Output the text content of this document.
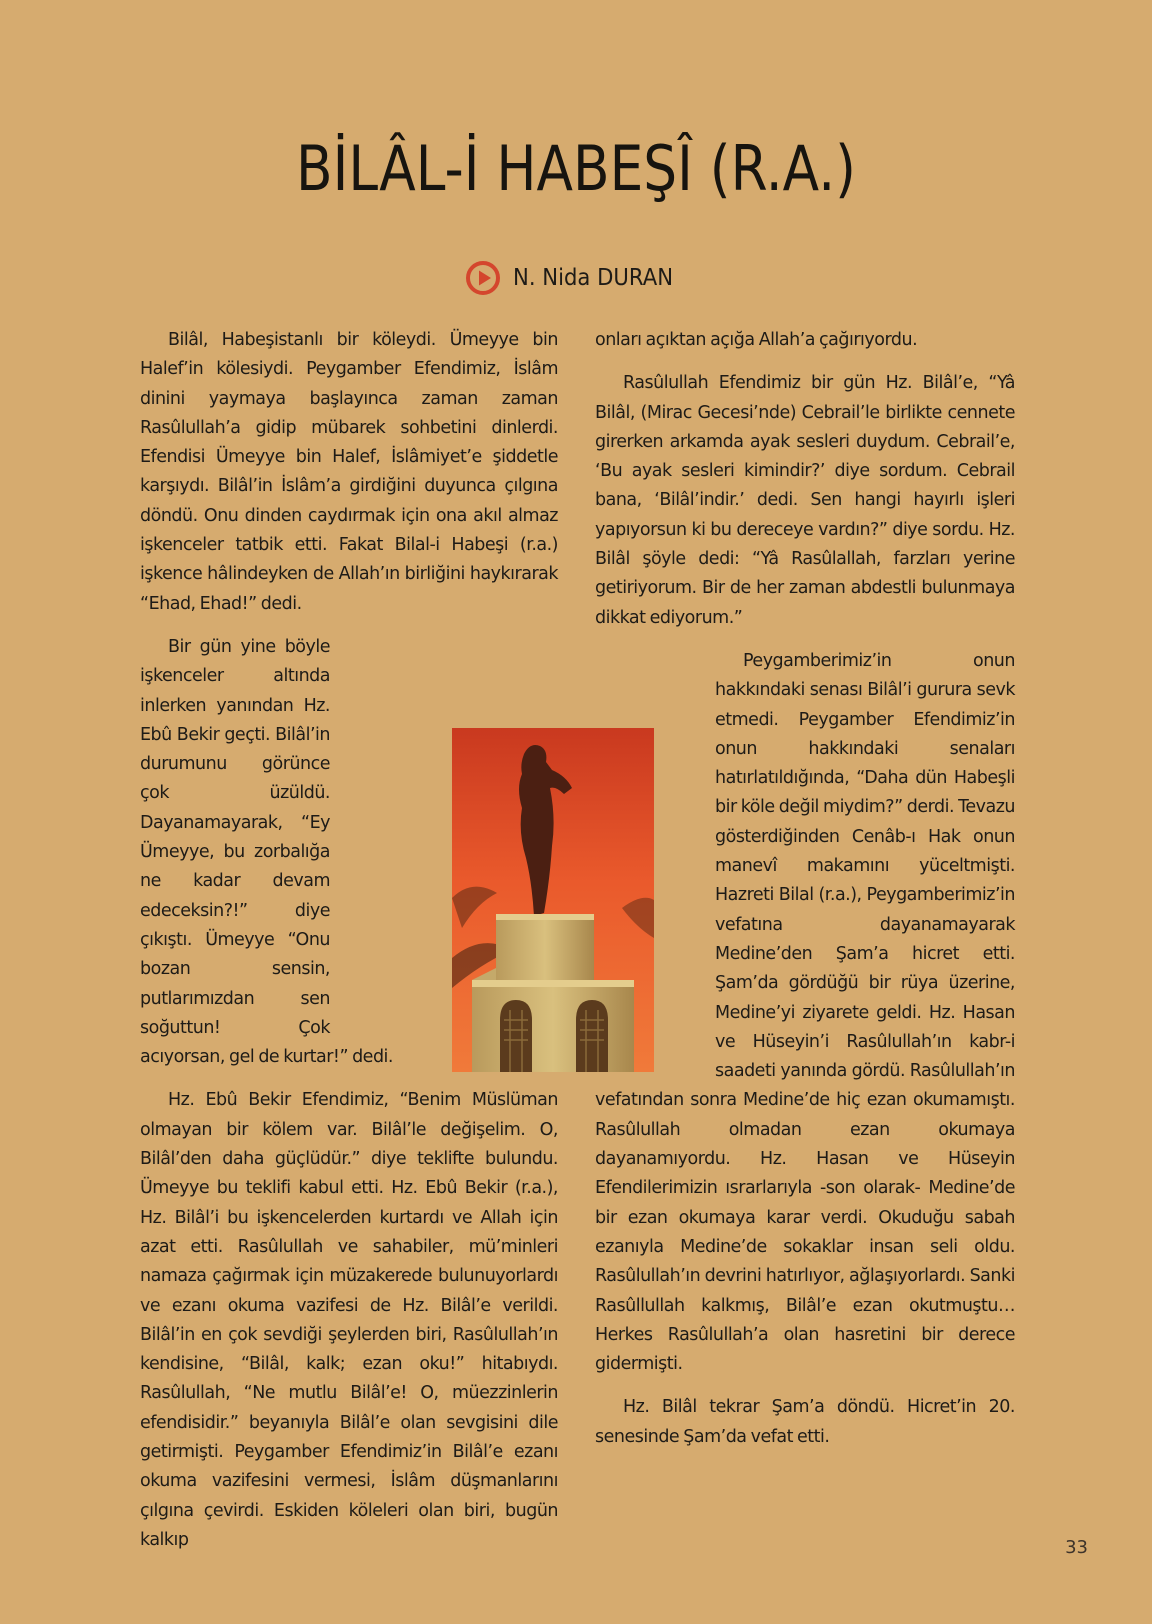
BİLÂL-İ HABEŞÎ (R.A.)
N. Nida DURAN

Bilâl, Habeşistanlı bir köleydi. Ümeyye bin Halef’in kölesiydi. Peygamber Efendimiz, İslâm dinini yaymaya başlayınca zaman zaman Rasûlullah’a gidip mübarek sohbetini dinlerdi. Efendisi Ümeyye bin Halef, İslâmiyet’e şiddetle karşıydı. Bilâl’in İslâm’a girdiğini duyunca çılgına döndü. Onu dinden caydırmak için ona akıl almaz işkenceler tatbik etti. Fakat Bilal-i Habeşi (r.a.) işkence hâlindeyken de Allah’ın birliğini haykırarak “Ehad, Ehad!” dedi.

Bir gün yine böyle işkenceler altında inlerken yanından Hz. Ebû Bekir geçti. Bilâl’in durumunu görünce çok üzüldü. Dayanamayarak, “Ey Ümeyye, bu zorbalığa ne kadar devam edeceksin?!” diye çıkıştı. Ümeyye “Onu bozan sensin, putlarımızdan sen soğuttun! Çok acıyorsan, gel de kurtar!” dedi.

Hz. Ebû Bekir Efendimiz, “Benim Müslüman olmayan bir kölem var. Bilâl’le değişelim. O, Bilâl’den daha güçlüdür.” diye teklifte bulundu. Ümeyye bu teklifi kabul etti. Hz. Ebû Bekir (r.a.), Hz. Bilâl’i bu işkencelerden kurtardı ve Allah için azat etti. Rasûlullah ve sahabiler, mü’minleri namaza çağırmak için müzakerede bulunuyorlardı ve ezanı okuma vazifesi de Hz. Bilâl’e verildi. Bilâl’in en çok sevdiği şeylerden biri, Rasûlullah’ın kendisine, “Bilâl, kalk; ezan oku!” hitabıydı. Rasûlullah, “Ne mutlu Bilâl’e! O, müezzinlerin efendisidir.” beyanıyla Bilâl’e olan sevgisini dile getirmişti. Peygamber Efendimiz’in Bilâl’e ezanı okuma vazifesini vermesi, İslâm düşmanlarını çılgına çevirdi. Eskiden köleleri olan biri, bugün kalkıp

onları açıktan açığa Allah’a çağırıyordu.

Rasûlullah Efendimiz bir gün Hz. Bilâl’e, “Yâ Bilâl, (Mirac Gecesi’nde) Cebrail’le birlikte cennete girerken arkamda ayak sesleri duydum. Cebrail’e, ‘Bu ayak sesleri kimindir?’ diye sordum. Cebrail bana, ‘Bilâl’indir.’ dedi. Sen hangi hayırlı işleri yapıyorsun ki bu dereceye vardın?” diye sordu. Hz. Bilâl şöyle dedi: “Yâ Rasûlallah, farzları yerine getiriyorum. Bir de her zaman abdestli bulunmaya dikkat ediyorum.”

Peygamberimiz’in onun hakkındaki senası Bilâl’i gurura sevk etmedi. Peygamber Efendimiz’in onun hakkındaki senaları hatırlatıldığında, “Daha dün Habeşli bir köle değil miydim?” derdi. Tevazu gösterdiğinden Cenâb-ı Hak onun manevî makamını yüceltmişti. Hazreti Bilal (r.a.), Peygamberimiz’in vefatına dayanamayarak Medine’den Şam’a hicret etti. Şam’da gördüğü bir rüya üzerine, Medine’yi ziyarete geldi. Hz. Hasan ve Hüseyin’i Rasûlullah’ın kabr-i saadeti yanında gördü. Rasûlullah’ın vefatından sonra Medine’de hiç ezan okumamıştı. Rasûlullah olmadan ezan okumaya dayanamıyordu. Hz. Hasan ve Hüseyin Efendilerimizin ısrarlarıyla -son olarak- Medine’de bir ezan okumaya karar verdi. Okuduğu sabah ezanıyla Medine’de sokaklar insan seli oldu. Rasûlullah’ın devrini hatırlıyor, ağlaşıyorlardı. Sanki Rasûllullah kalkmış, Bilâl’e ezan okutmuştu… Herkes Rasûlullah’a olan hasretini bir derece gidermişti.

Hz. Bilâl tekrar Şam’a döndü. Hicret’in 20. senesinde Şam’da vefat etti.

33
